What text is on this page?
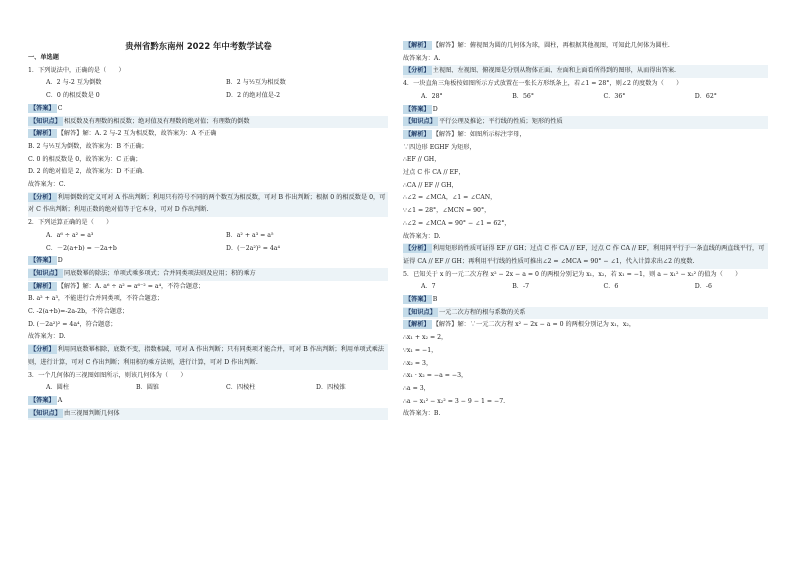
贵州省黔东南州 2022 年中考数学试卷
一、单选题
1．下列说法中，正确的是（　　）
A．2 与-2 互为倒数	B．2 与½互为相反数
C．0 的相反数是 0	D．2 的绝对值是-2
【答案】 C
【知识点】 相反数及有理数的相反数；绝对值及有理数的绝对值；有理数的倒数
【解析】 【解答】解：A. 2 与-2 互为相反数，故答案为：A 不正确
B. 2 与½互为倒数，故答案为：B 不正确；
C. 0 的相反数是 0，故答案为：C 正确；
D. 2 的绝对值是 2，故答案为：D 不正确.
故答案为：C.
【分析】 利用倒数的定义可对 A 作出判断；利用只有符号不同的两个数互为相反数，可对 B 作出判断；根据 0 的相反数是 0，可对 C 作出判断；利用正数的绝对值等于它本身，可对 D 作出判断.
2．下列运算正确的是（　　）
A．a⁶ ÷ a² = a³	B．a² + a³ = a⁵
C．－2(a+b) = －2a+b	D．(－2a²)² = 4a⁴
【答案】 D
【知识点】 同底数幂的除法；单项式乘多项式；合并同类项法则及应用；积的乘方
【解析】 【解答】解：A. a⁶ ÷ a² = a⁶⁻² = a⁴，不符合题意；
B. a² + a³，不能进行合并同类项，不符合题意；
C. -2(a+b)=-2a-2b，不符合题意；
D. (－2a²)² = 4a⁴，符合题意；
故答案为：D.
【分析】 利用同底数幂相除，底数不变，指数相减，可对 A 作出判断；只有同类项才能合并，可对 B 作出判断；利用单项式乘法则，进行计算，可对 C 作出判断；利用积的乘方法则，进行计算，可对 D 作出判断.
3．一个几何体的三视图如图所示，则该几何体为（　　）
A．圆柱	B．圆锥	C．四棱柱	D．四棱锥
【答案】 A
【知识点】 由三视图判断几何体
【解析】 【解答】解：俯视图为圆的几何体为球，圆柱，再根据其他视图，可知此几何体为圆柱.
故答案为：A.
【分析】 主视图、左视图、俯视图是分别从物体正面、左面和上面看所得到的图形，从而得出答案.
4．一块直角三角板按如图所示方式放置在一张长方形纸条上，若∠1 = 28°，则∠2 的度数为（　　）
A．28°	B．56°	C．36°	D．62°
【答案】 D
【知识点】 平行公理及推论；平行线的性质；矩形的性质
【解析】 【解答】解：如图所示标注字母，
∵四边形 EGHF 为矩形，
∴EF // GH，
过点 C 作 CA // EF，
∴CA // EF // GH，
∴∠2 = ∠MCA，∠1 = ∠CAN，
∵∠1 = 28°，∠MCN = 90°，
∴∠2 = ∠MCA = 90° − ∠1 = 62°，
故答案为：D.
【分析】 利用矩形的性质可证得 EF // GH；过点 C 作 CA // EF，过点 C 作 CA // EF，利用同平行于一条直线的两直线平行，可证得 CA // EF // GH；再利用平行线的性质可推出∠2 = ∠MCA = 90° − ∠1，代入计算求出∠2 的度数.
5．已知关于 x 的一元二次方程 x² − 2x − a = 0 的两根分别记为 x₁，x₂，若 x₁ = −1，则 a − x₁² − x₂² 的值为（　　）
A．7	B．-7	C．6	D．-6
【答案】 B
【知识点】 一元二次方程的根与系数的关系
【解析】 【解答】解：∵一元二次方程 x² − 2x − a = 0 的两根分别记为 x₁，x₂，
∴x₁ + x₂ = 2，
∵x₁ = −1，
∴x₂ = 3，
∴x₁ · x₂ = −a = −3，
∴a = 3，
∴a − x₁² − x₂² = 3 − 9 − 1 = −7.
故答案为：B.
